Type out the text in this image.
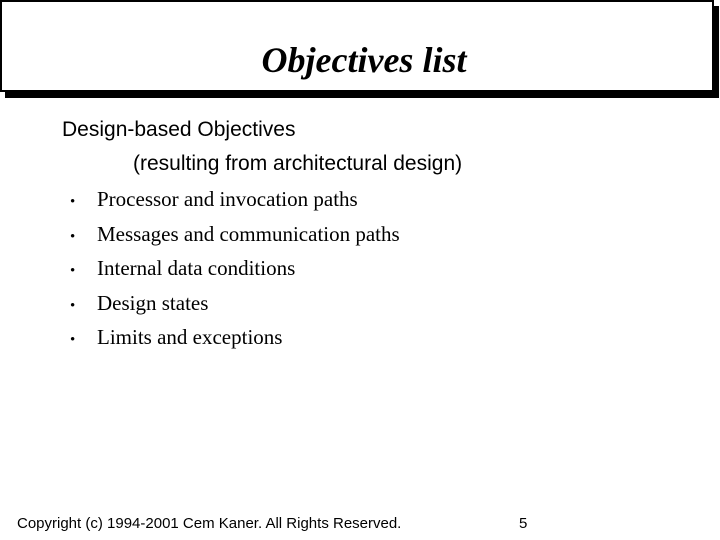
Objectives list
Design-based Objectives
(resulting from architectural design)
• Processor and invocation paths
• Messages and communication paths
• Internal data conditions
• Design states
• Limits and exceptions
Copyright (c) 1994-2001 Cem Kaner. All Rights Reserved.	5
